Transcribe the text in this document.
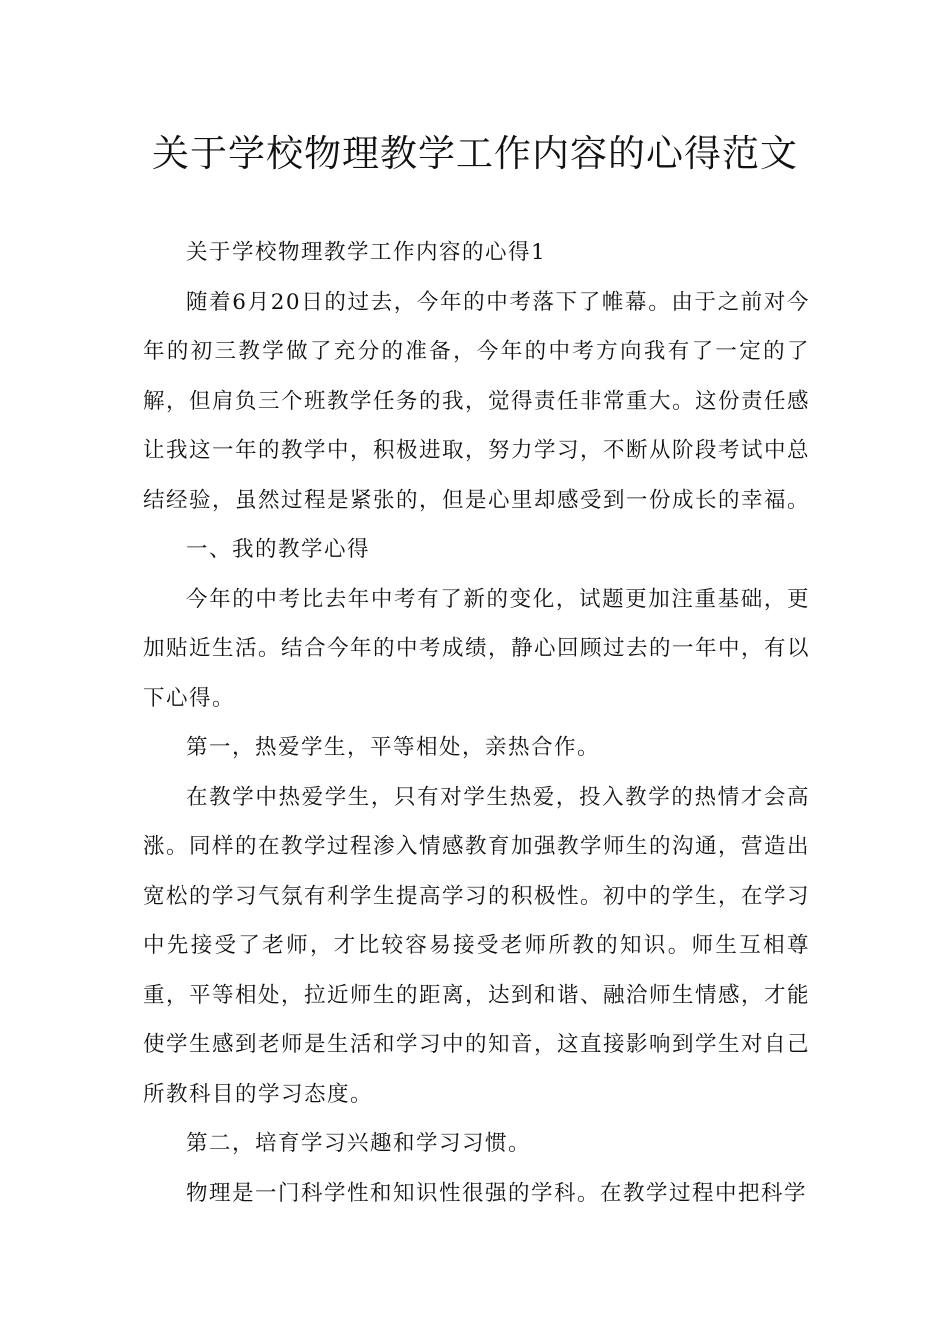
关于学校物理教学工作内容的心得范文

关于学校物理教学工作内容的心得1

随着6月20日的过去，今年的中考落下了帷幕。由于之前对今年的初三教学做了充分的准备，今年的中考方向我有了一定的了解，但肩负三个班教学任务的我，觉得责任非常重大。这份责任感让我这一年的教学中，积极进取，努力学习，不断从阶段考试中总结经验，虽然过程是紧张的，但是心里却感受到一份成长的幸福。

一、我的教学心得

今年的中考比去年中考有了新的变化，试题更加注重基础，更加贴近生活。结合今年的中考成绩，静心回顾过去的一年中，有以下心得。

第一，热爱学生，平等相处，亲热合作。

在教学中热爱学生，只有对学生热爱，投入教学的热情才会高涨。同样的在教学过程渗入情感教育加强教学师生的沟通，营造出宽松的学习气氛有利学生提高学习的积极性。初中的学生，在学习中先接受了老师，才比较容易接受老师所教的知识。师生互相尊重，平等相处，拉近师生的距离，达到和谐、融洽师生情感，才能使学生感到老师是生活和学习中的知音，这直接影响到学生对自己所教科目的学习态度。

第二，培育学习兴趣和学习习惯。

物理是一门科学性和知识性很强的学科。在教学过程中把科学
